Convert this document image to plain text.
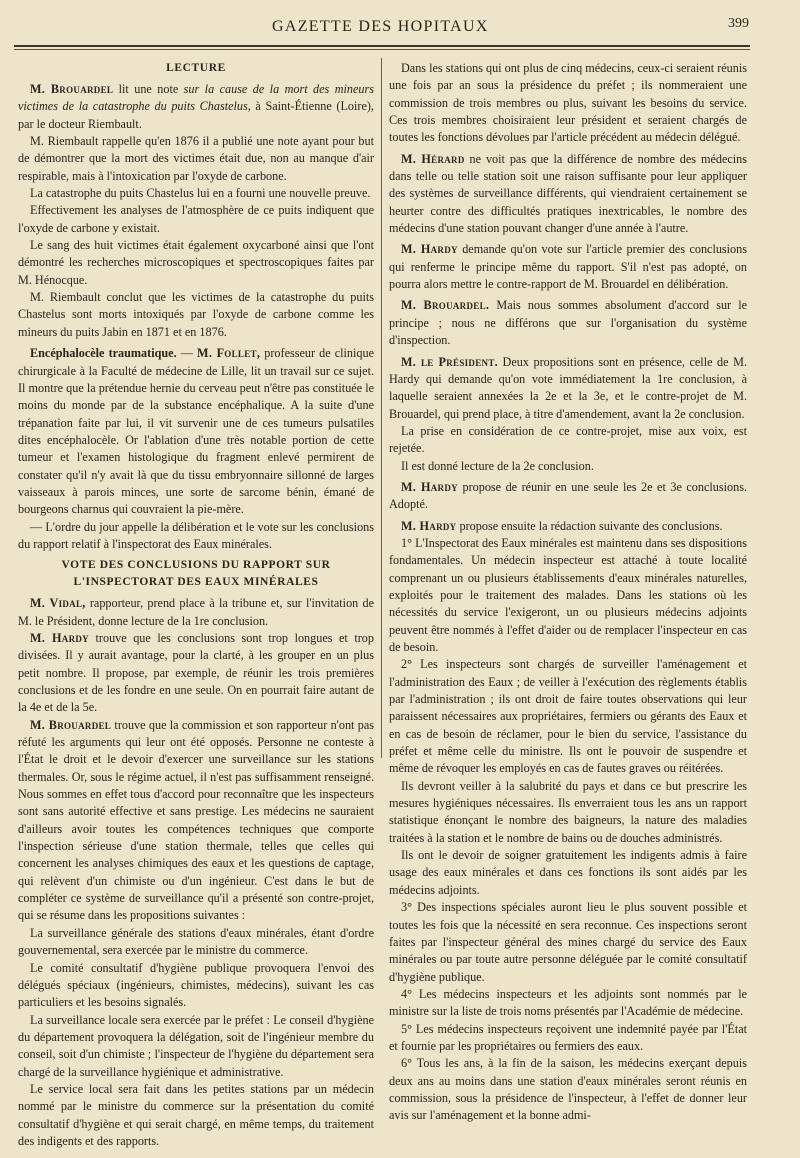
GAZETTE DES HOPITAUX	399
LECTURE

M. Brouardel lit une note sur la cause de la mort des mineurs victimes de la catastrophe du puits Chastelus, à Saint-Étienne (Loire), par le docteur Riembault.

M. Riembault rappelle qu'en 1876 il a publié une note ayant pour but de démontrer que la mort des victimes était due, non au manque d'air respirable, mais à l'intoxication par l'oxyde de carbone.

La catastrophe du puits Chastelus lui en a fourni une nouvelle preuve.

Effectivement les analyses de l'atmosphère de ce puits indiquent que l'oxyde de carbone y existait.

Le sang des huit victimes était également oxycarboné ainsi que l'ont démontré les recherches microscopiques et spectroscopiques faites par M. Hénocque.

M. Riembault conclut que les victimes de la catastrophe du puits Chastelus sont morts intoxiqués par l'oxyde de carbone comme les mineurs du puits Jabin en 1871 et en 1876.

Encéphalocèle traumatique. — M. Follet, professeur de clinique chirurgicale à la Faculté de médecine de Lille, lit un travail sur ce sujet. Il montre que la prétendue hernie du cerveau peut n'être pas constituée le moins du monde par de la substance encéphalique. A la suite d'une trépanation faite par lui, il vit survenir une de ces tumeurs pulsatiles dites encéphalocèle. Or l'ablation d'une très notable portion de cette tumeur et l'examen histologique du fragment enlevé permirent de constater qu'il n'y avait là que du tissu embryonnaire sillonné de larges vaisseaux à parois minces, une sorte de sarcome bénin, émané de bourgeons charnus qui couvraient la pie-mère.

— L'ordre du jour appelle la délibération et le vote sur les conclusions du rapport relatif à l'inspectorat des Eaux minérales.

VOTE DES CONCLUSIONS DU RAPPORT SUR L'INSPECTORAT DES EAUX MINÉRALES

M. Vidal, rapporteur, prend place à la tribune et, sur l'invitation de M. le Président, donne lecture de la 1re conclusion.

M. Hardy trouve que les conclusions sont trop longues et trop divisées. Il y aurait avantage, pour la clarté, à les grouper en un plus petit nombre. Il propose, par exemple, de réunir les trois premières conclusions et de les fondre en une seule. On en pourrait faire autant de la 4e et de la 5e.

M. Brouardel trouve que la commission et son rapporteur n'ont pas réfuté les arguments qui leur ont été opposés. Personne ne conteste à l'État le droit et le devoir d'exercer une surveillance sur les stations thermales. Or, sous le régime actuel, il n'est pas suffisamment renseigné. Nous sommes en effet tous d'accord pour reconnaître que les inspecteurs sont sans autorité effective et sans prestige. Les médecins ne sauraient d'ailleurs avoir toutes les compétences techniques que comporte l'inspection sérieuse d'une station thermale, telles que celles qui concernent les analyses chimiques des eaux et les questions de captage, qui relèvent d'un chimiste ou d'un ingénieur. C'est dans le but de compléter ce système de surveillance qu'il a présenté son contre-projet, qui se résume dans les propositions suivantes :

La surveillance générale des stations d'eaux minérales, étant d'ordre gouvernemental, sera exercée par le ministre du commerce.

Le comité consultatif d'hygiène publique provoquera l'envoi des délégués spéciaux (ingénieurs, chimistes, médecins), suivant les cas particuliers et les besoins signalés.

La surveillance locale sera exercée par le préfet : Le conseil d'hygiène du département provoquera la délégation, soit de l'ingénieur membre du conseil, soit d'un chimiste ; l'inspecteur de l'hygiène du département sera chargé de la surveillance hygiénique et administrative.

Le service local sera fait dans les petites stations par un médecin nommé par le ministre du commerce sur la présentation du comité consultatif d'hygiène et qui serait chargé, en même temps, du traitement des indigents et des rapports.

Dans les stations qui ont plus de cinq médecins, ceux-ci seraient réunis une fois par an sous la présidence du préfet ; ils nommeraient une commission de trois membres ou plus, suivant les besoins du service. Ces trois membres choisiraient leur président et seraient chargés de toutes les fonctions dévolues par l'article précédent au médecin délégué.

M. Hérard ne voit pas que la différence de nombre des médecins dans telle ou telle station soit une raison suffisante pour leur appliquer des systèmes de surveillance différents, qui viendraient certainement se heurter contre des difficultés pratiques inextricables, le nombre des médecins d'une station pouvant changer d'une année à l'autre.

M. Hardy demande qu'on vote sur l'article premier des conclusions qui renferme le principe même du rapport. S'il n'est pas adopté, on pourra alors mettre le contre-rapport de M. Brouardel en délibération.

M. Brouardel. Mais nous sommes absolument d'accord sur le principe ; nous ne différons que sur l'organisation du système d'inspection.

M. le Président. Deux propositions sont en présence, celle de M. Hardy qui demande qu'on vote immédiatement la 1re conclusion, à laquelle seraient annexées la 2e et la 3e, et le contre-projet de M. Brouardel, qui prend place, à titre d'amendement, avant la 2e conclusion.

La prise en considération de ce contre-projet, mise aux voix, est rejetée.

Il est donné lecture de la 2e conclusion.

M. Hardy propose de réunir en une seule les 2e et 3e conclusions. Adopté.

M. Hardy propose ensuite la rédaction suivante des conclusions.

1° L'Inspectorat des Eaux minérales est maintenu dans ses dispositions fondamentales. Un médecin inspecteur est attaché à toute localité comprenant un ou plusieurs établissements d'eaux minérales naturelles, exploités pour le traitement des malades. Dans les stations où les nécessités du service l'exigeront, un ou plusieurs médecins adjoints peuvent être nommés à l'effet d'aider ou de remplacer l'inspecteur en cas de besoin.

2° Les inspecteurs sont chargés de surveiller l'aménagement et l'administration des Eaux ; de veiller à l'exécution des règlements établis par l'administration ; ils ont droit de faire toutes observations qui leur paraissent nécessaires aux propriétaires, fermiers ou gérants des Eaux et en cas de besoin de réclamer, pour le bien du service, l'assistance du préfet et même celle du ministre. Ils ont le pouvoir de suspendre et même de révoquer les employés en cas de fautes graves ou réitérées.

Ils devront veiller à la salubrité du pays et dans ce but prescrire les mesures hygiéniques nécessaires. Ils enverraient tous les ans un rapport statistique énonçant le nombre des baigneurs, la nature des maladies traitées à la station et le nombre de bains ou de douches administrés.

Ils ont le devoir de soigner gratuitement les indigents admis à faire usage des eaux minérales et dans ces fonctions ils sont aidés par les médecins adjoints.

3° Des inspections spéciales auront lieu le plus souvent possible et toutes les fois que la nécessité en sera reconnue. Ces inspections seront faites par l'inspecteur général des mines chargé du service des Eaux minérales ou par toute autre personne déléguée par le comité consultatif d'hygiène publique.

4° Les médecins inspecteurs et les adjoints sont nommés par le ministre sur la liste de trois noms présentés par l'Académie de médecine.

5° Les médecins inspecteurs reçoivent une indemnité payée par l'État et fournie par les propriétaires ou fermiers des eaux.

6° Tous les ans, à la fin de la saison, les médecins exerçant depuis deux ans au moins dans une station d'eaux minérales seront réunis en commission, sous la présidence de l'inspecteur, à l'effet de donner leur avis sur l'aménagement et la bonne admi-
